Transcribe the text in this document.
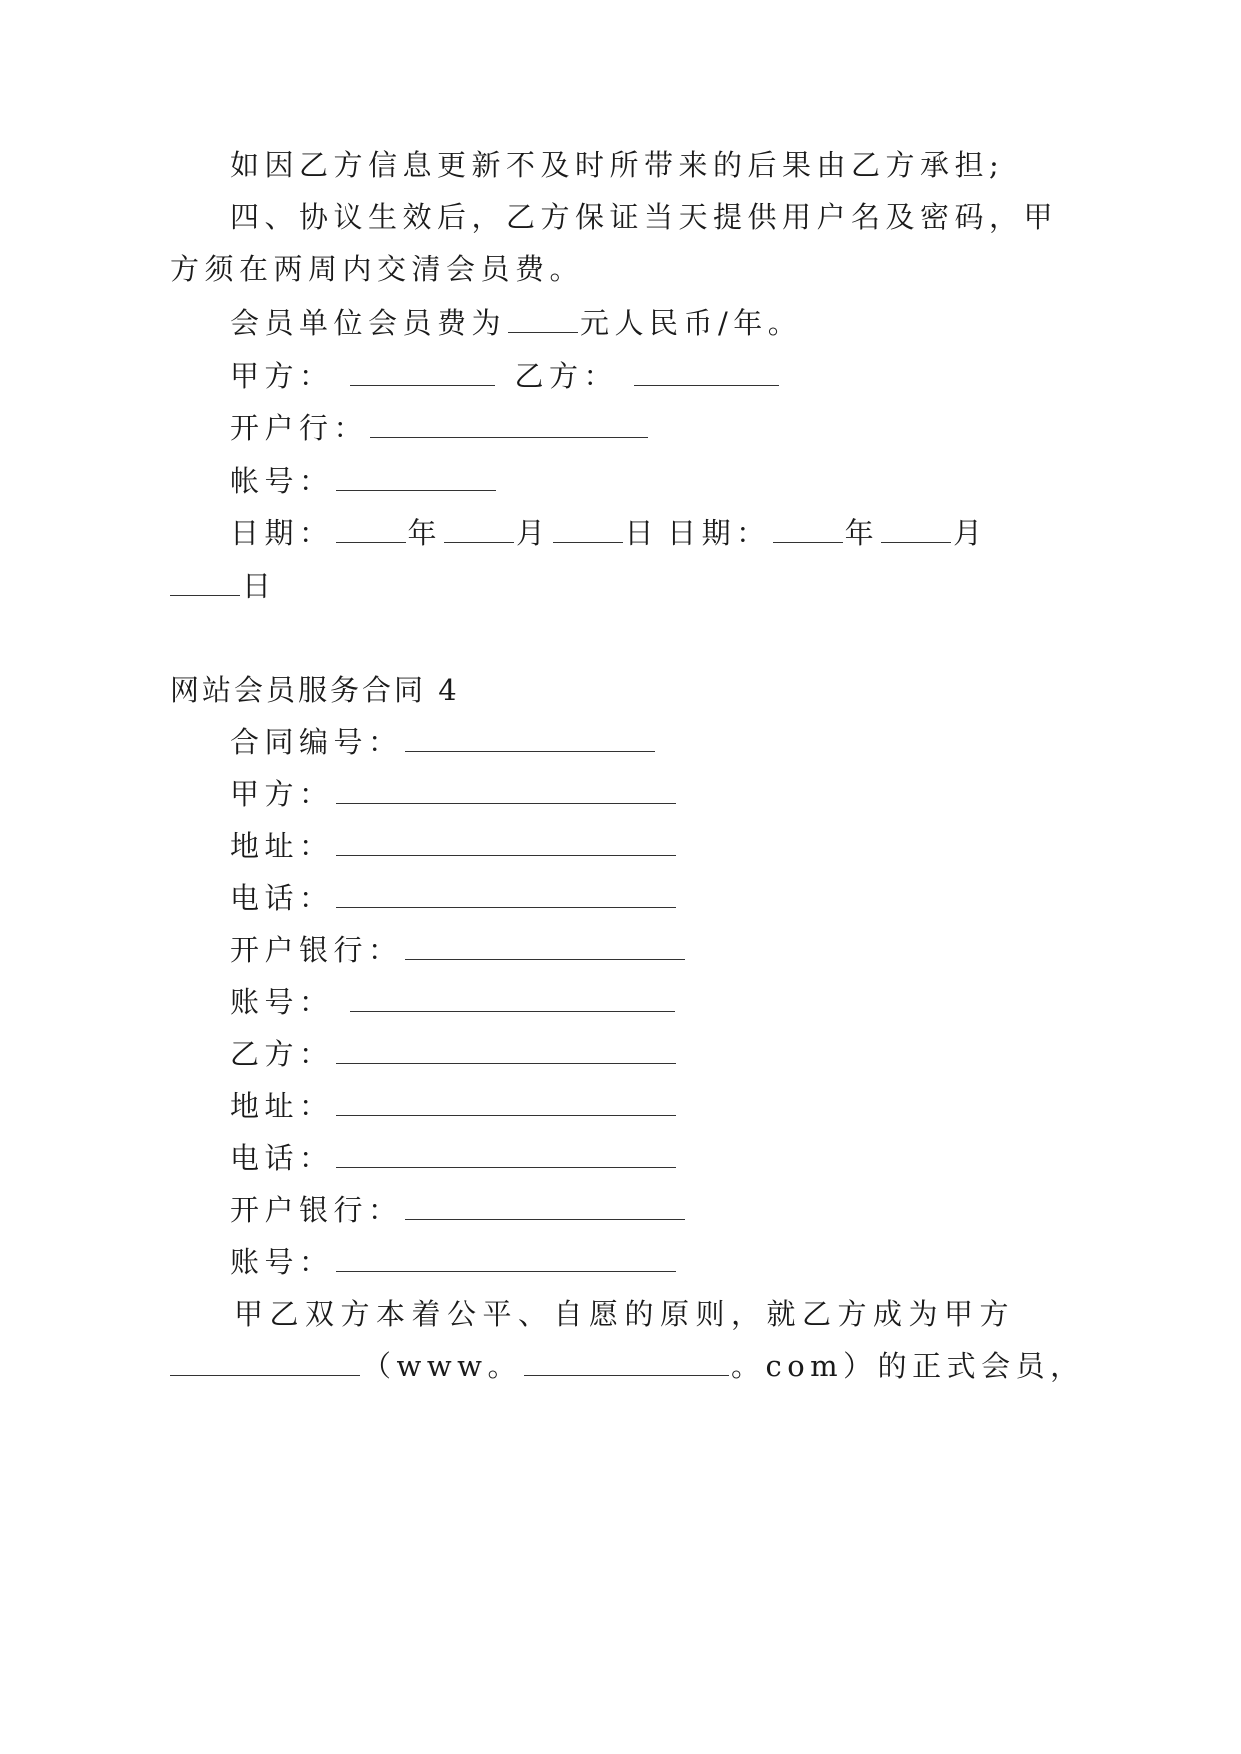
如因乙方信息更新不及时所带来的后果由乙方承担;

四、协议生效后，乙方保证当天提供用户名及密码，甲

方须在两周内交清会员费。

会员单位会员费为	元人民币/年。

甲方：	乙方：

开户行：

帐号：

日期：	年	月	日 日期：	年	月

日

网站会员服务合同 4

合同编号：

甲方：

地址：

电话：

开户银行：

账号：

乙方：

地址：

电话：

开户银行：

账号：

甲乙双方本着公平、自愿的原则，就乙方成为甲方

（www。	。com）的正式会员，
